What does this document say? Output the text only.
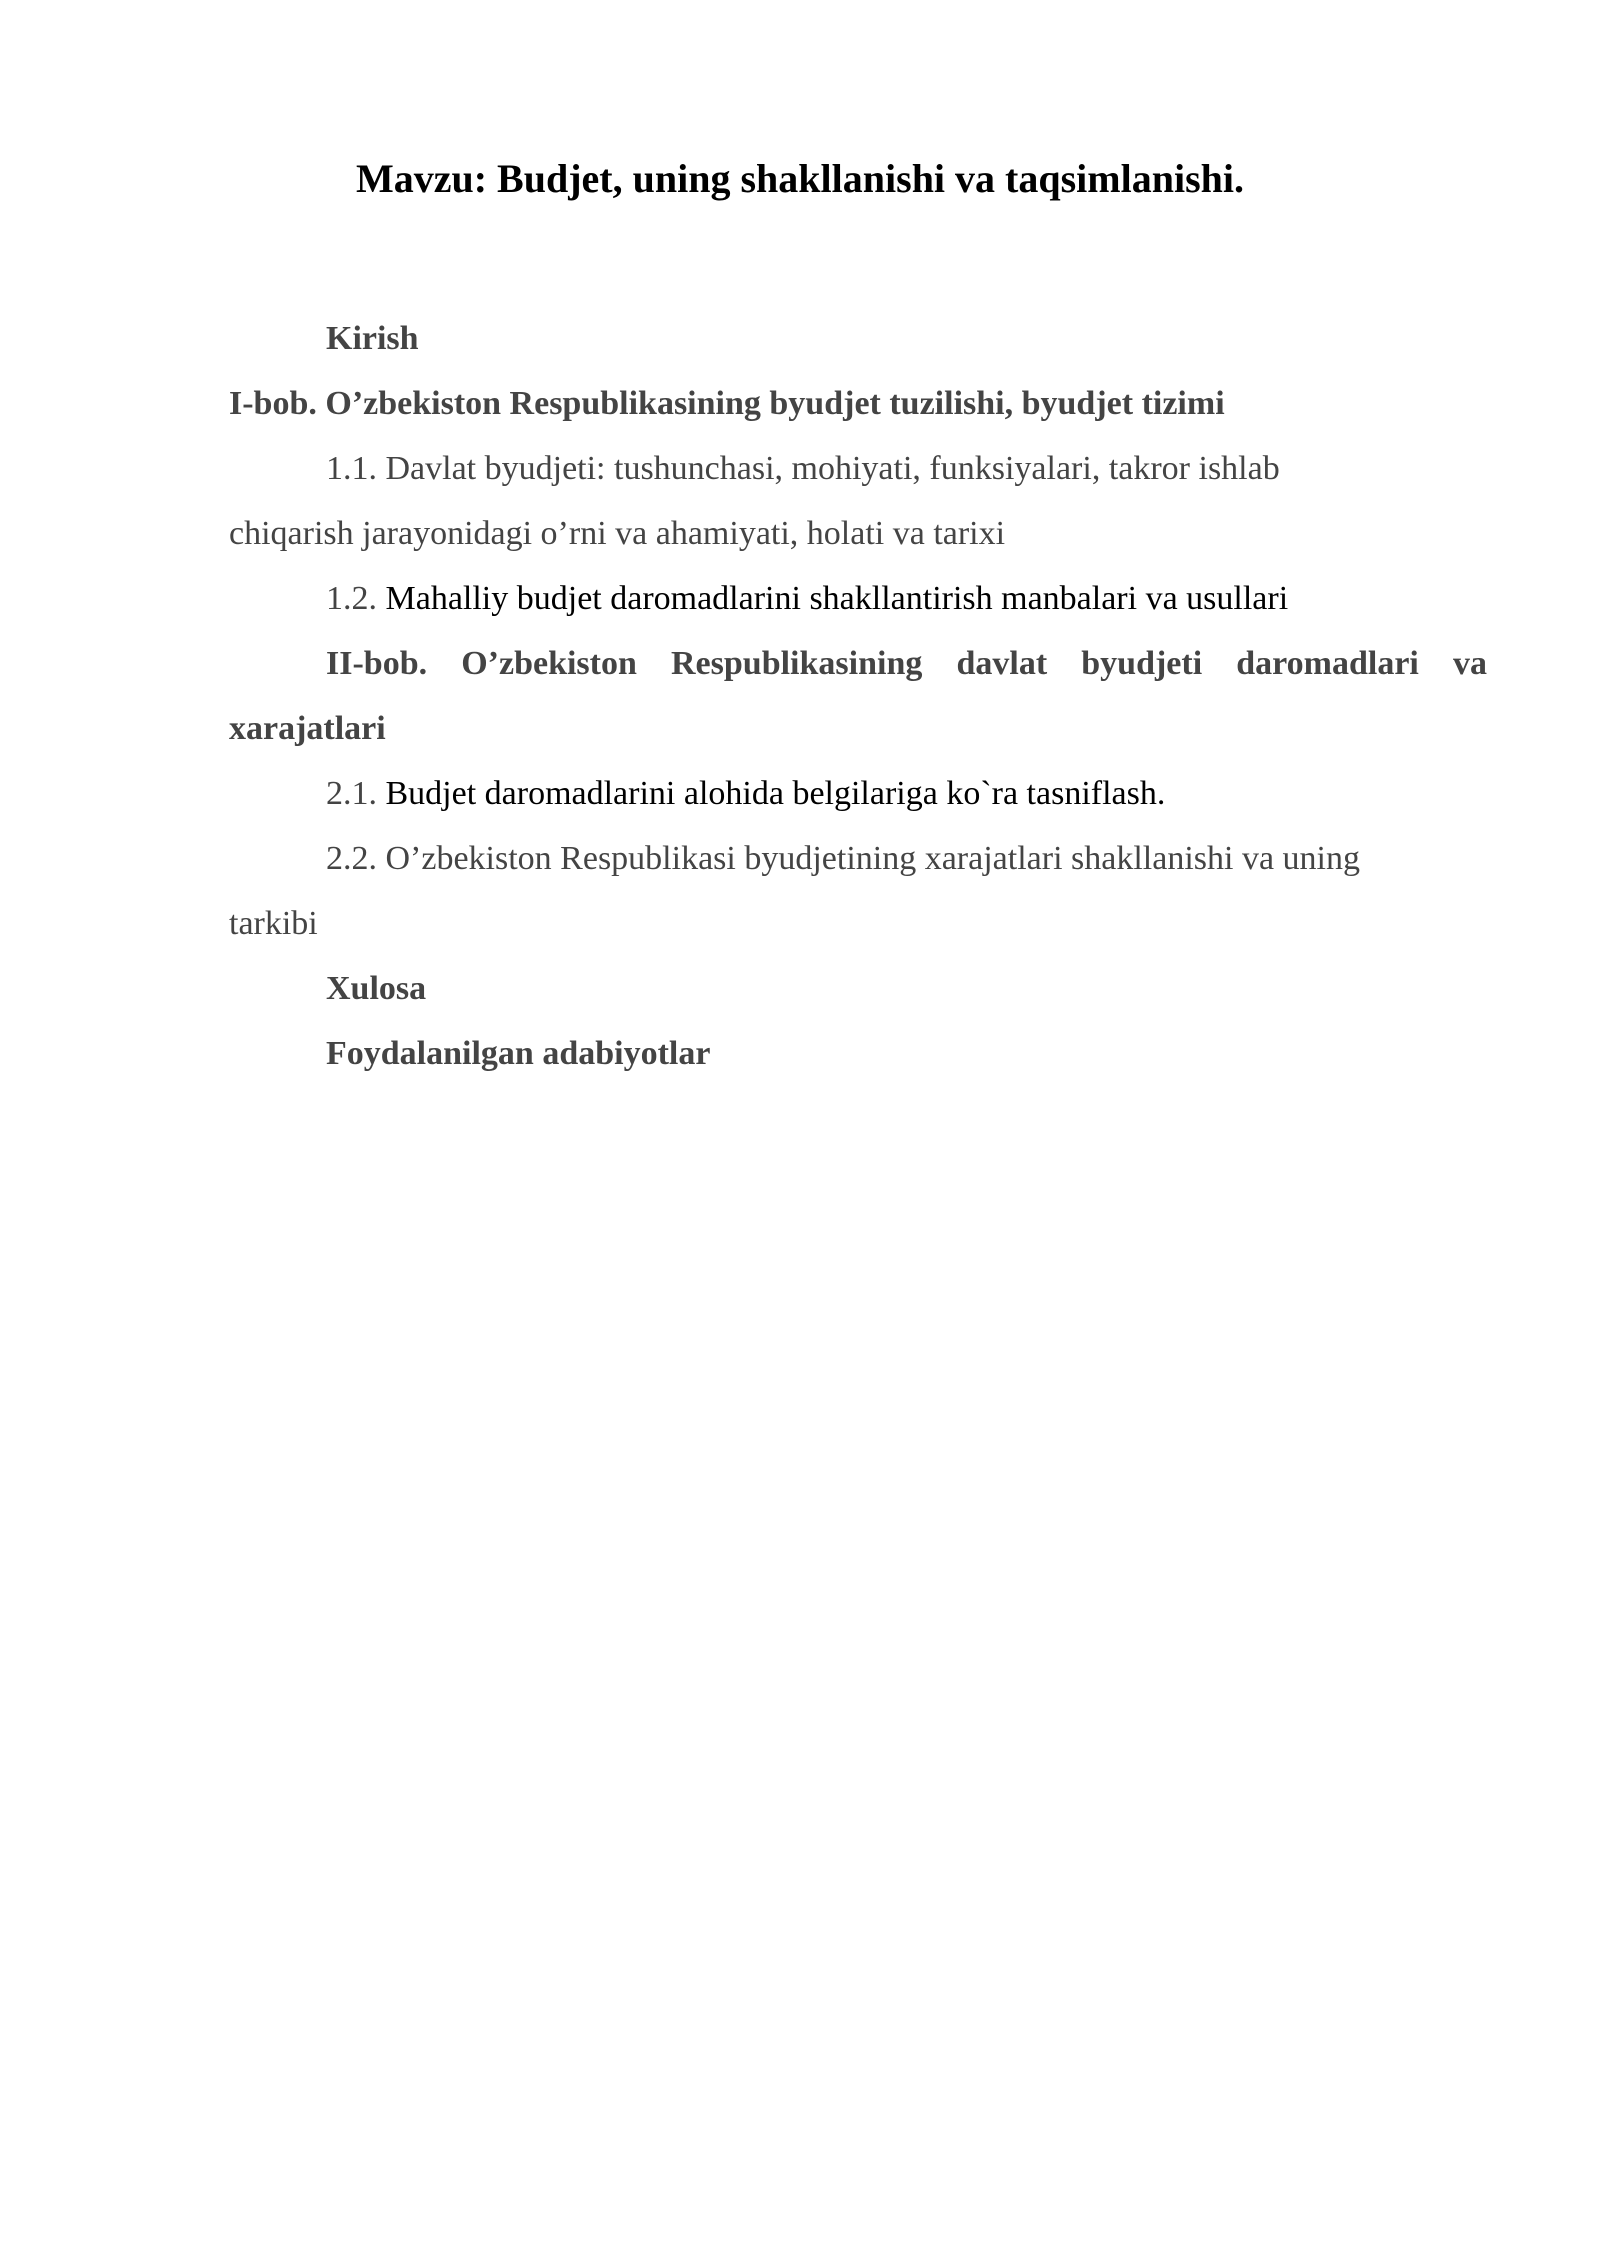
Mavzu: Budjet, uning shakllanishi va taqsimlanishi.

Kirish

I-bob. O’zbekiston Respublikasining byudjet tuzilishi, byudjet tizimi

1.1. Davlat byudjeti: tushunchasi, mohiyati, funksiyalari, takror ishlab

chiqarish jarayonidagi o’rni va ahamiyati, holati va tarixi

1.2. Mahalliy budjet daromadlarini shakllantirish manbalari va usullari

II-bob. O’zbekiston Respublikasining davlat byudjeti daromadlari va

xarajatlari

2.1. Budjet daromadlarini alohida belgilariga ko`ra tasniflash.

2.2. O’zbekiston Respublikasi byudjetining xarajatlari shakllanishi va uning

tarkibi

Xulosa

Foydalanilgan adabiyotlar
